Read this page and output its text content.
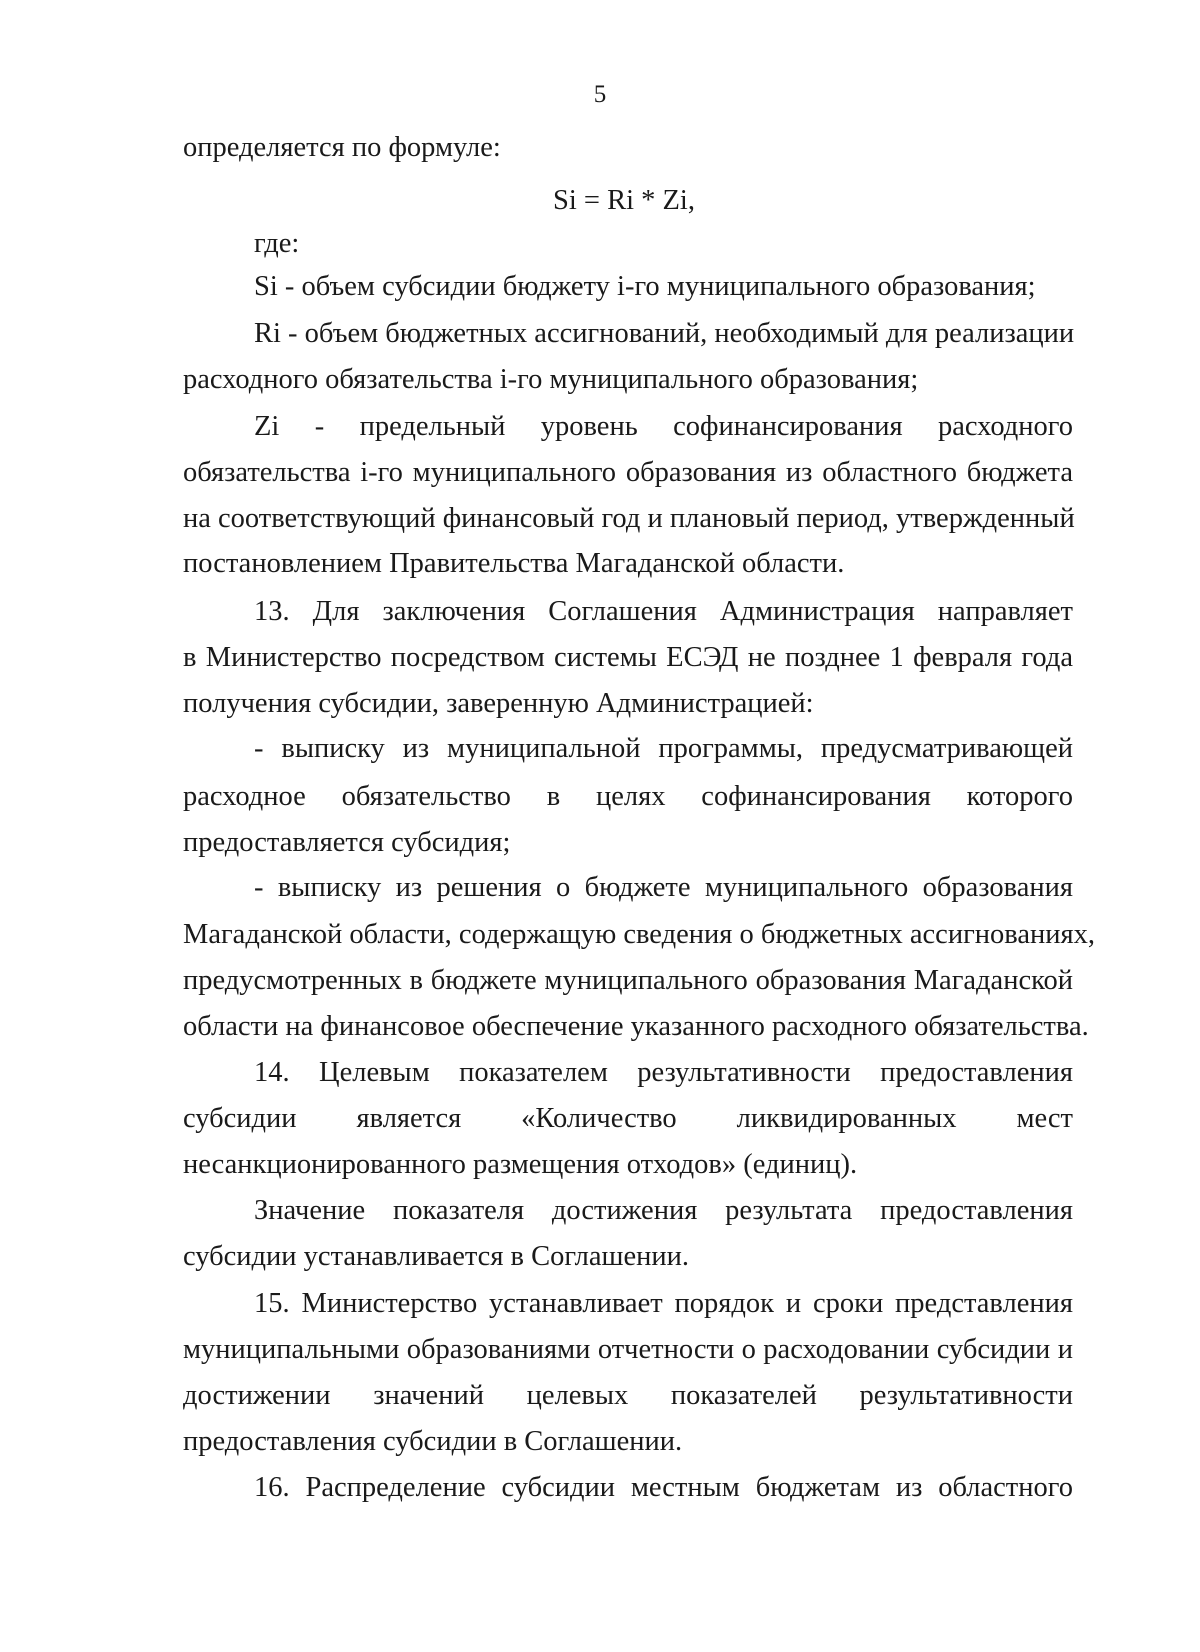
5
определяется по формуле:
Si = Ri * Zi,
где:
Si - объем субсидии бюджету i-го муниципального образования;
Ri - объем бюджетных ассигнований, необходимый для реализации
расходного обязательства i-го муниципального образования;
Zi - предельный уровень софинансирования расходного
обязательства i-го муниципального образования из областного бюджета
на соответствующий финансовый год и плановый период, утвержденный
постановлением Правительства Магаданской области.
13. Для заключения Соглашения Администрация направляет
в Министерство посредством системы ЕСЭД не позднее 1 февраля года
получения субсидии, заверенную Администрацией:
- выписку из муниципальной программы, предусматривающей
расходное обязательство в целях софинансирования которого
предоставляется субсидия;
- выписку из решения о бюджете муниципального образования
Магаданской области, содержащую сведения о бюджетных ассигнованиях,
предусмотренных в бюджете муниципального образования Магаданской
области на финансовое обеспечение указанного расходного обязательства.
14. Целевым показателем результативности предоставления
субсидии является «Количество ликвидированных мест
несанкционированного размещения отходов» (единиц).
Значение показателя достижения результата предоставления
субсидии устанавливается в Соглашении.
15. Министерство устанавливает порядок и сроки представления
муниципальными образованиями отчетности о расходовании субсидии и
достижении значений целевых показателей результативности
предоставления субсидии в Соглашении.
16. Распределение субсидии местным бюджетам из областного
